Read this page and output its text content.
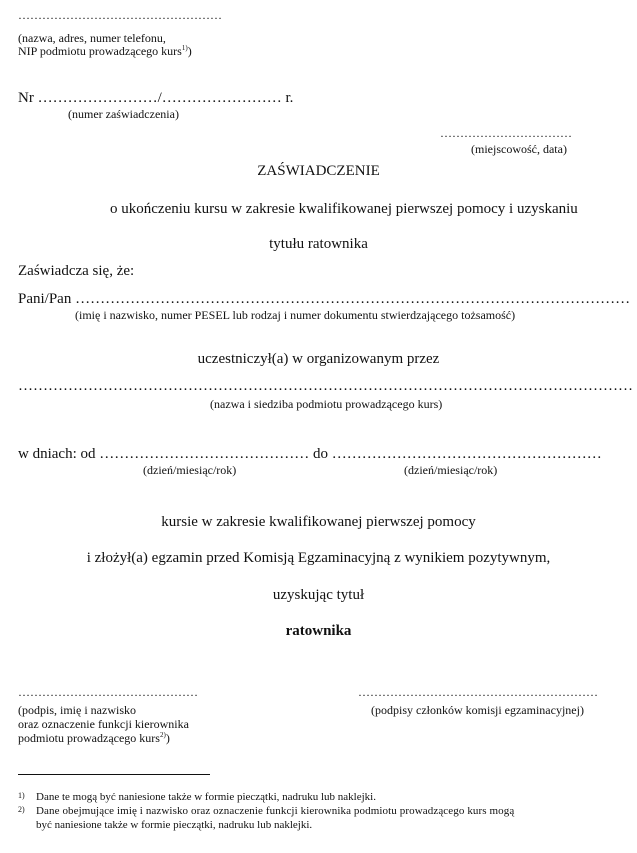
……………………………………………
(nazwa, adres, numer telefonu,
NIP podmiotu prowadzącego kurs$^{1)}$)
Nr ……………………/…………………… r.
(numer zaświadczenia)
……………………………
(miejscowość, data)
ZAŚWIADCZENIE
o ukończeniu kursu w zakresie kwalifikowanej pierwszej pomocy i uzyskaniu
tytułu ratownika
Zaświadcza się, że:
Pani/Pan …………………………………………………………………………………………………
(imię i nazwisko, numer PESEL lub rodzaj i numer dokumentu stwierdzającego tożsamość)
uczestniczył(a) w organizowanym przez
……………………………………………………………………………………………………………
(nazwa i siedziba podmiotu prowadzącego kurs)
w dniach: od …………………………………… do ………………………………………………
(dzień/miesiąc/rok)	(dzień/miesiąc/rok)
kursie w zakresie kwalifikowanej pierwszej pomocy
i złożył(a) egzamin przed Komisją Egzaminacyjną z wynikiem pozytywnym,
uzyskując tytuł
ratownika
………………………………………
(podpis, imię i nazwisko
oraz oznaczenie funkcji kierownika
podmiotu prowadzącego kurs$^{2)}$)
……………………………………………………
(podpisy członków komisji egzaminacyjnej)
1) Dane te mogą być naniesione także w formie pieczątki, nadruku lub naklejki.
2) Dane obejmujące imię i nazwisko oraz oznaczenie funkcji kierownika podmiotu prowadzącego kurs mogą
być naniesione także w formie pieczątki, nadruku lub naklejki.
